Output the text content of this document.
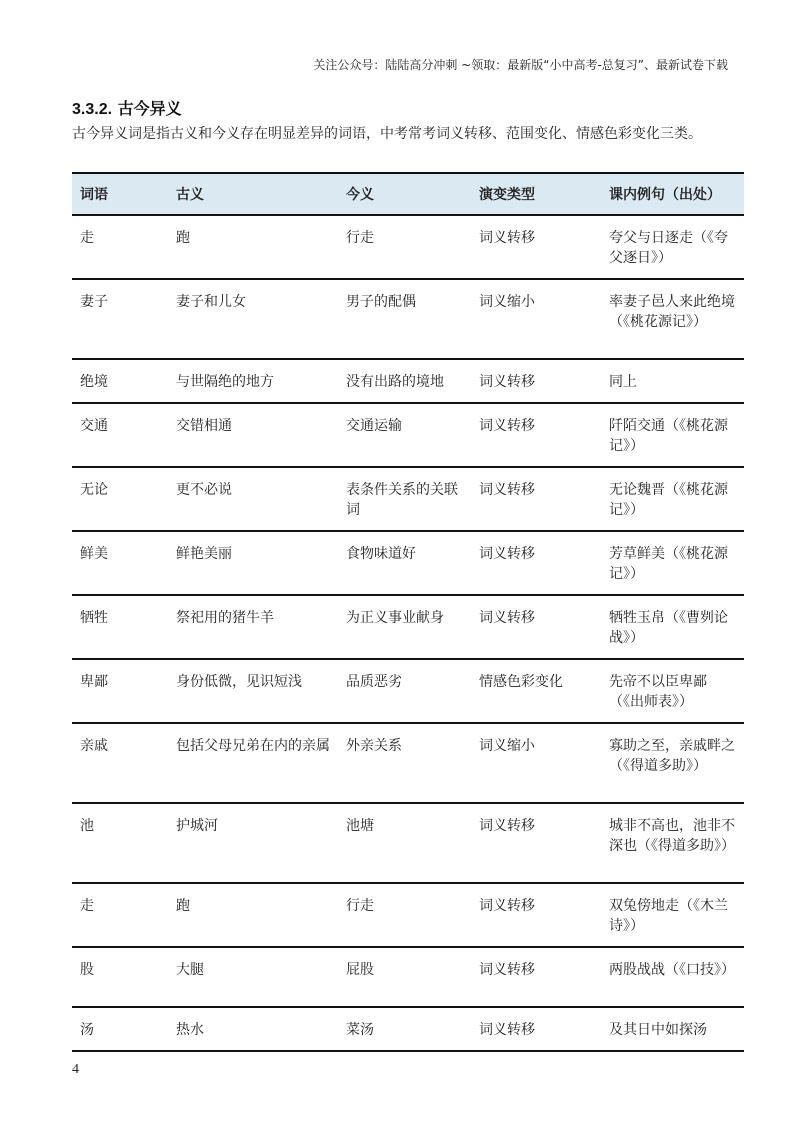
关注公众号：陆陆高分冲刺 ~领取：最新版“小中高考-总复习”、最新试卷下载
3.3.2. 古今异义

古今异义词是指古义和今义存在明显差异的词语，中考常考词义转移、范围变化、情感色彩变化三类。

词语	古义	今义	演变类型	课内例句（出处）
走	跑	行走	词义转移	夸父与日逐走（《夸父逐日》）
妻子	妻子和儿女	男子的配偶	词义缩小	率妻子邑人来此绝境（《桃花源记》）
绝境	与世隔绝的地方	没有出路的境地	词义转移	同上
交通	交错相通	交通运输	词义转移	阡陌交通（《桃花源记》）
无论	更不必说	表条件关系的关联词	词义转移	无论魏晋（《桃花源记》）
鲜美	鲜艳美丽	食物味道好	词义转移	芳草鲜美（《桃花源记》）
牺牲	祭祀用的猪牛羊	为正义事业献身	词义转移	牺牲玉帛（《曹刿论战》）
卑鄙	身份低微，见识短浅	品质恶劣	情感色彩变化	先帝不以臣卑鄙（《出师表》）
亲戚	包括父母兄弟在内的亲属	外亲关系	词义缩小	寡助之至，亲戚畔之（《得道多助》）
池	护城河	池塘	词义转移	城非不高也，池非不深也（《得道多助》）
走	跑	行走	词义转移	双兔傍地走（《木兰诗》）
股	大腿	屁股	词义转移	两股战战（《口技》）
汤	热水	菜汤	词义转移	及其日中如探汤
4
